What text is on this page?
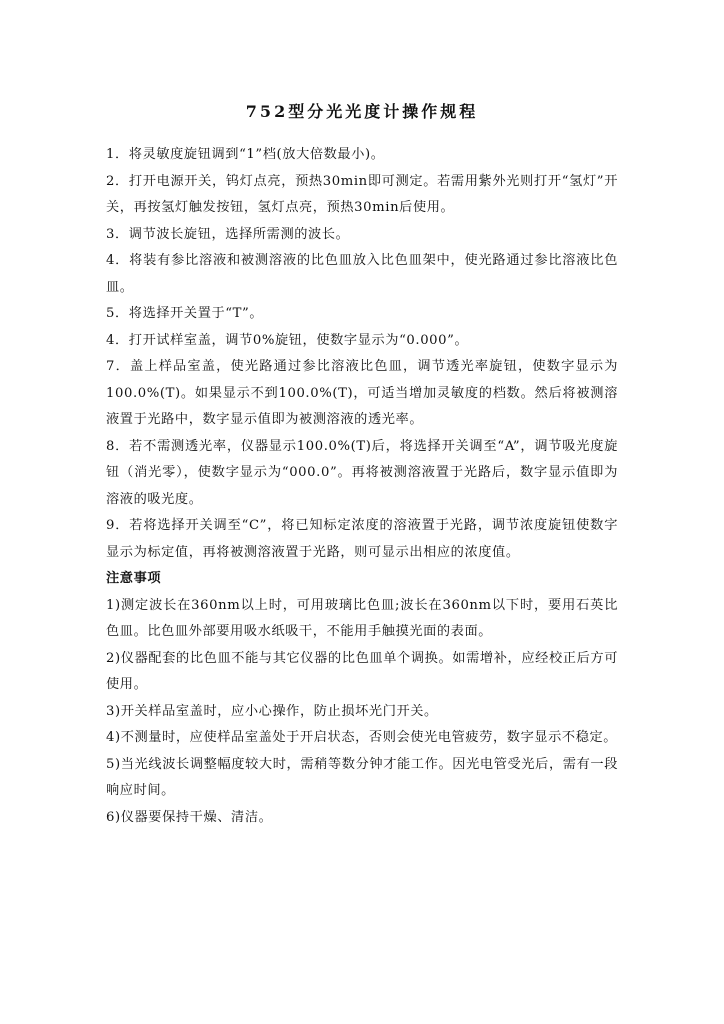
752型分光光度计操作规程

1．将灵敏度旋钮调到“1”档(放大倍数最小)。

2．打开电源开关，钨灯点亮，预热30min即可测定。若需用紫外光则打开“氢灯”开关，再按氢灯触发按钮，氢灯点亮，预热30min后使用。

3．调节波长旋钮，选择所需测的波长。

4．将装有参比溶液和被测溶液的比色皿放入比色皿架中，使光路通过参比溶液比色皿。

5．将选择开关置于“T”。

4．打开试样室盖，调节0%旋钮，使数字显示为“0.000”。

7．盖上样品室盖，使光路通过参比溶液比色皿，调节透光率旋钮，使数字显示为100.0%(T)。如果显示不到100.0%(T)，可适当增加灵敏度的档数。然后将被测溶液置于光路中，数字显示值即为被测溶液的透光率。

8．若不需测透光率，仪器显示100.0%(T)后，将选择开关调至“A”，调节吸光度旋钮（消光零），使数字显示为“000.0”。再将被测溶液置于光路后，数字显示值即为溶液的吸光度。

9．若将选择开关调至“C”，将已知标定浓度的溶液置于光路，调节浓度旋钮使数字显示为标定值，再将被测溶液置于光路，则可显示出相应的浓度值。

注意事项

1)测定波长在360nm以上时，可用玻璃比色皿;波长在360nm以下时，要用石英比色皿。比色皿外部要用吸水纸吸干，不能用手触摸光面的表面。

2)仪器配套的比色皿不能与其它仪器的比色皿单个调换。如需增补，应经校正后方可使用。

3)开关样品室盖时，应小心操作，防止损坏光门开关。

4)不测量时，应使样品室盖处于开启状态，否则会使光电管疲劳，数字显示不稳定。

5)当光线波长调整幅度较大时，需稍等数分钟才能工作。因光电管受光后，需有一段响应时间。

6)仪器要保持干燥、清洁。
